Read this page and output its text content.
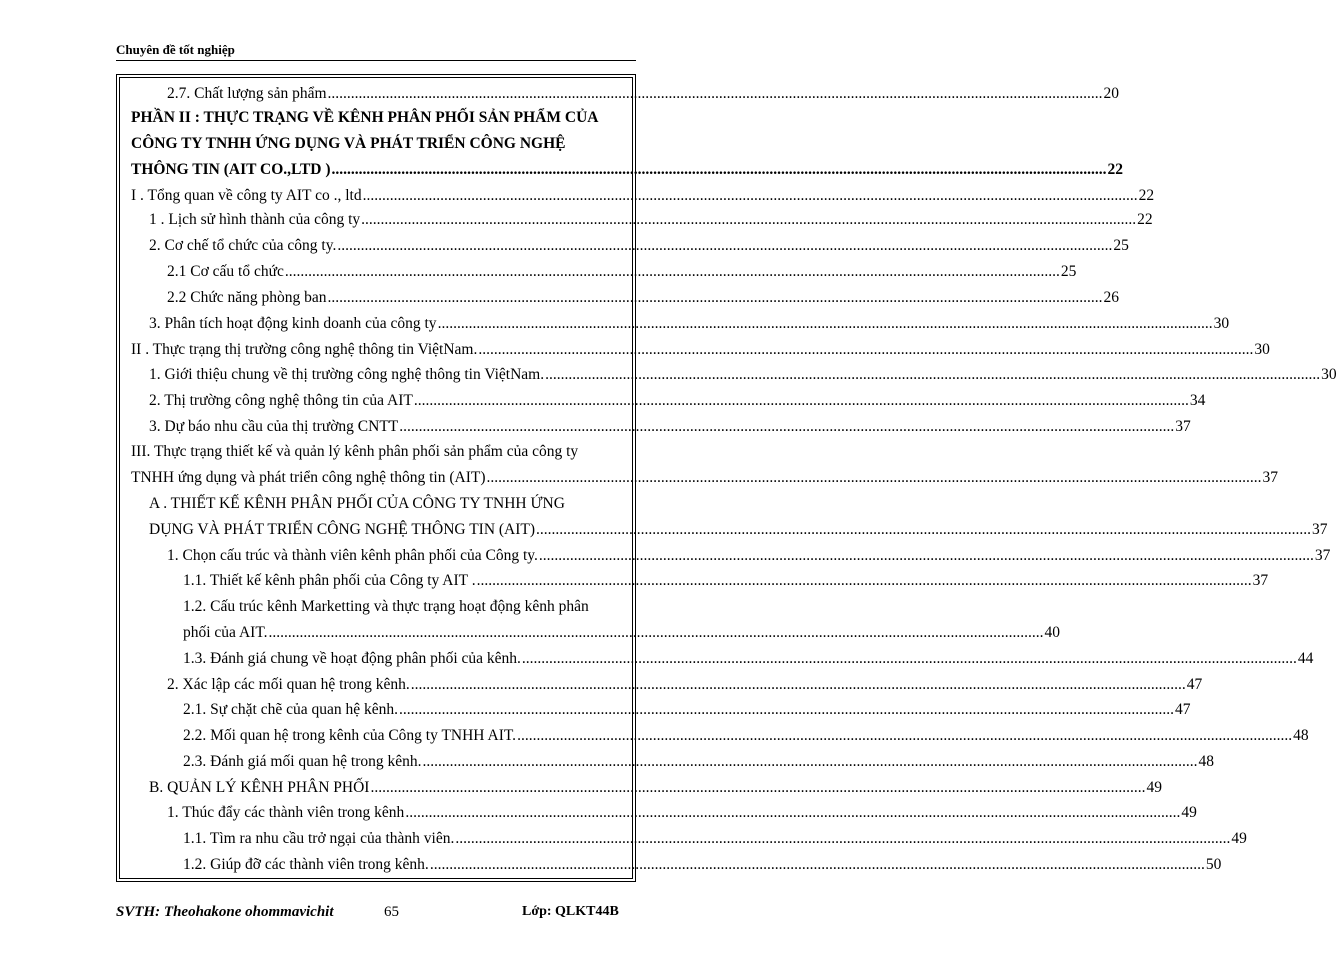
Chuyên đề tốt nghiệp
2.7. Chất lượng sản phẩm ........................................................................................................................................................................................................ 20
PHẦN II : THỰC TRẠNG VỀ KÊNH PHÂN PHỐI SẢN PHẨM CỦA
CÔNG TY TNHH ỨNG DỤNG VÀ PHÁT TRIỂN CÔNG NGHỆ
THÔNG TIN (AIT CO.,LTD ) ........................................................................................................................................................................................................ 22
I . Tổng quan về công ty AIT co ., ltd ........................................................................................................................................................................................................ 22
1 . Lịch sử hình thành của công ty ........................................................................................................................................................................................................ 22
2. Cơ chế tổ chức của công ty. ........................................................................................................................................................................................................ 25
2.1 Cơ cấu tổ chức ........................................................................................................................................................................................................ 25
2.2 Chức năng phòng ban ........................................................................................................................................................................................................ 26
3. Phân tích hoạt động kinh doanh của công ty ........................................................................................................................................................................................................ 30
II . Thực trạng thị trường công nghệ thông tin ViệtNam. ........................................................................................................................................................................................................ 30
1. Giới thiệu chung về thị trường công nghệ thông tin ViệtNam. ........................................................................................................................................................................................................ 30
2. Thị trường công nghệ thông tin của AIT ........................................................................................................................................................................................................ 34
3. Dự báo nhu cầu của thị trường CNTT ........................................................................................................................................................................................................ 37
III. Thực trạng thiết kế và quản lý kênh phân phối sản phẩm của công ty
TNHH ứng dụng và phát triển công nghệ thông tin (AIT) ........................................................................................................................................................................................................ 37
A . THIẾT KẾ KÊNH PHÂN PHỐI CỦA CÔNG TY TNHH ỨNG
DỤNG VÀ PHÁT TRIỂN CÔNG NGHỆ THÔNG TIN (AIT) ........................................................................................................................................................................................................ 37
1. Chọn cấu trúc và thành viên kênh phân phối của Công ty. ........................................................................................................................................................................................................ 37
1.1. Thiết kế kênh phân phối của Công ty AIT . ........................................................................................................................................................................................................ 37
1.2. Cấu trúc kênh Marketting và thực trạng hoạt động kênh phân
phối của AIT. ........................................................................................................................................................................................................ 40
1.3. Đánh giá chung về hoạt động phân phối của kênh. ........................................................................................................................................................................................................ 44
2. Xác lập các mối quan hệ trong kênh. ........................................................................................................................................................................................................ 47
2.1. Sự chặt chẽ của quan hệ kênh. ........................................................................................................................................................................................................ 47
2.2. Mối quan hệ trong kênh của Công ty TNHH AIT. ........................................................................................................................................................................................................ 48
2.3. Đánh giá mối quan hệ trong kênh. ........................................................................................................................................................................................................ 48
B. QUẢN LÝ KÊNH PHÂN PHỐI ........................................................................................................................................................................................................ 49
1. Thúc đẩy các thành viên trong kênh ........................................................................................................................................................................................................ 49
1.1. Tìm ra nhu cầu trở ngại của thành viên. ........................................................................................................................................................................................................ 49
1.2. Giúp đỡ các thành viên trong kênh. ........................................................................................................................................................................................................ 50
SVTH: Theohakone ohommavichit	65	Lớp: QLKT44B
